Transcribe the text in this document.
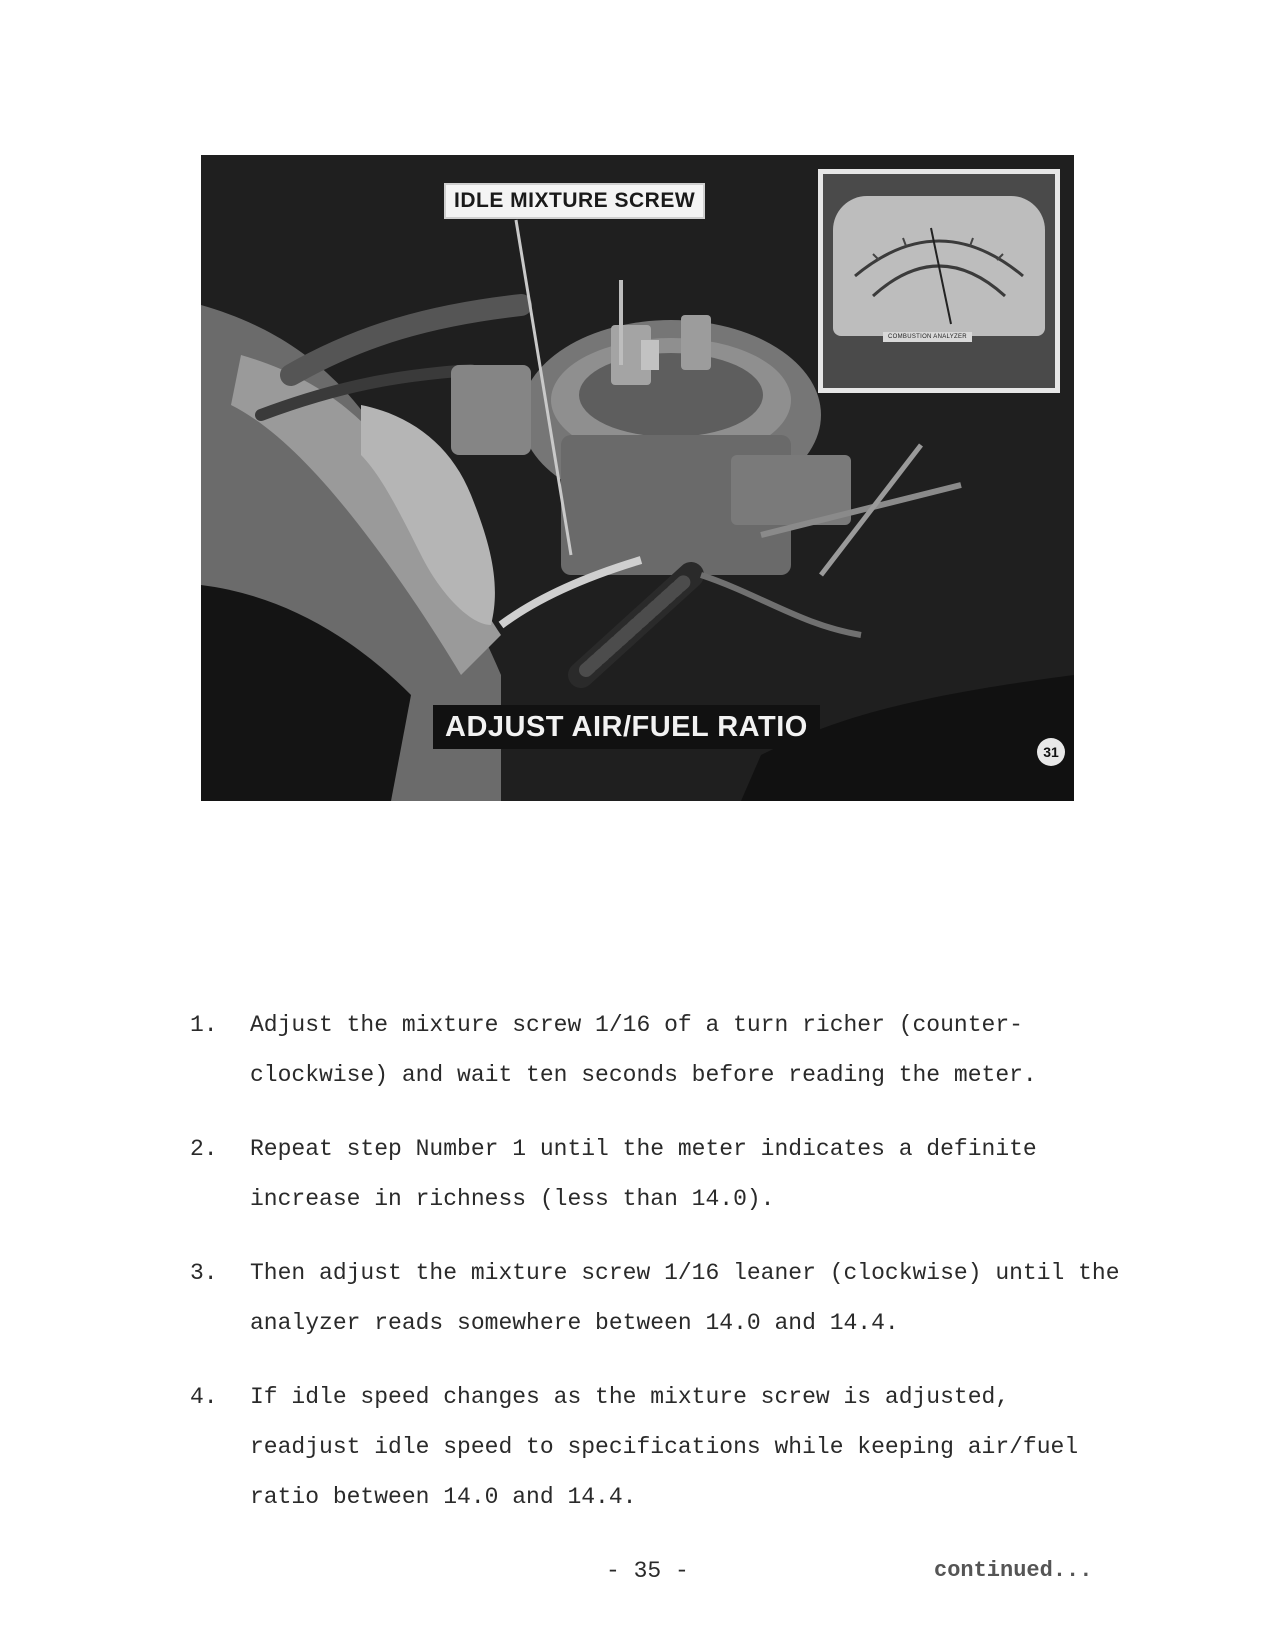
IDLE MIXTURE SCREW
COMBUSTION ANALYZER
ADJUST AIR/FUEL RATIO
31
1. Adjust the mixture screw 1/16 of a turn richer (counter-clockwise) and wait ten seconds before reading the meter.
2. Repeat step Number 1 until the meter indicates a definite increase in richness (less than 14.0).
3. Then adjust the mixture screw 1/16 leaner (clockwise) until the analyzer reads somewhere between 14.0 and 14.4.
4. If idle speed changes as the mixture screw is adjusted, readjust idle speed to specifications while keeping air/fuel ratio between 14.0 and 14.4.
- 35 -	continued...
